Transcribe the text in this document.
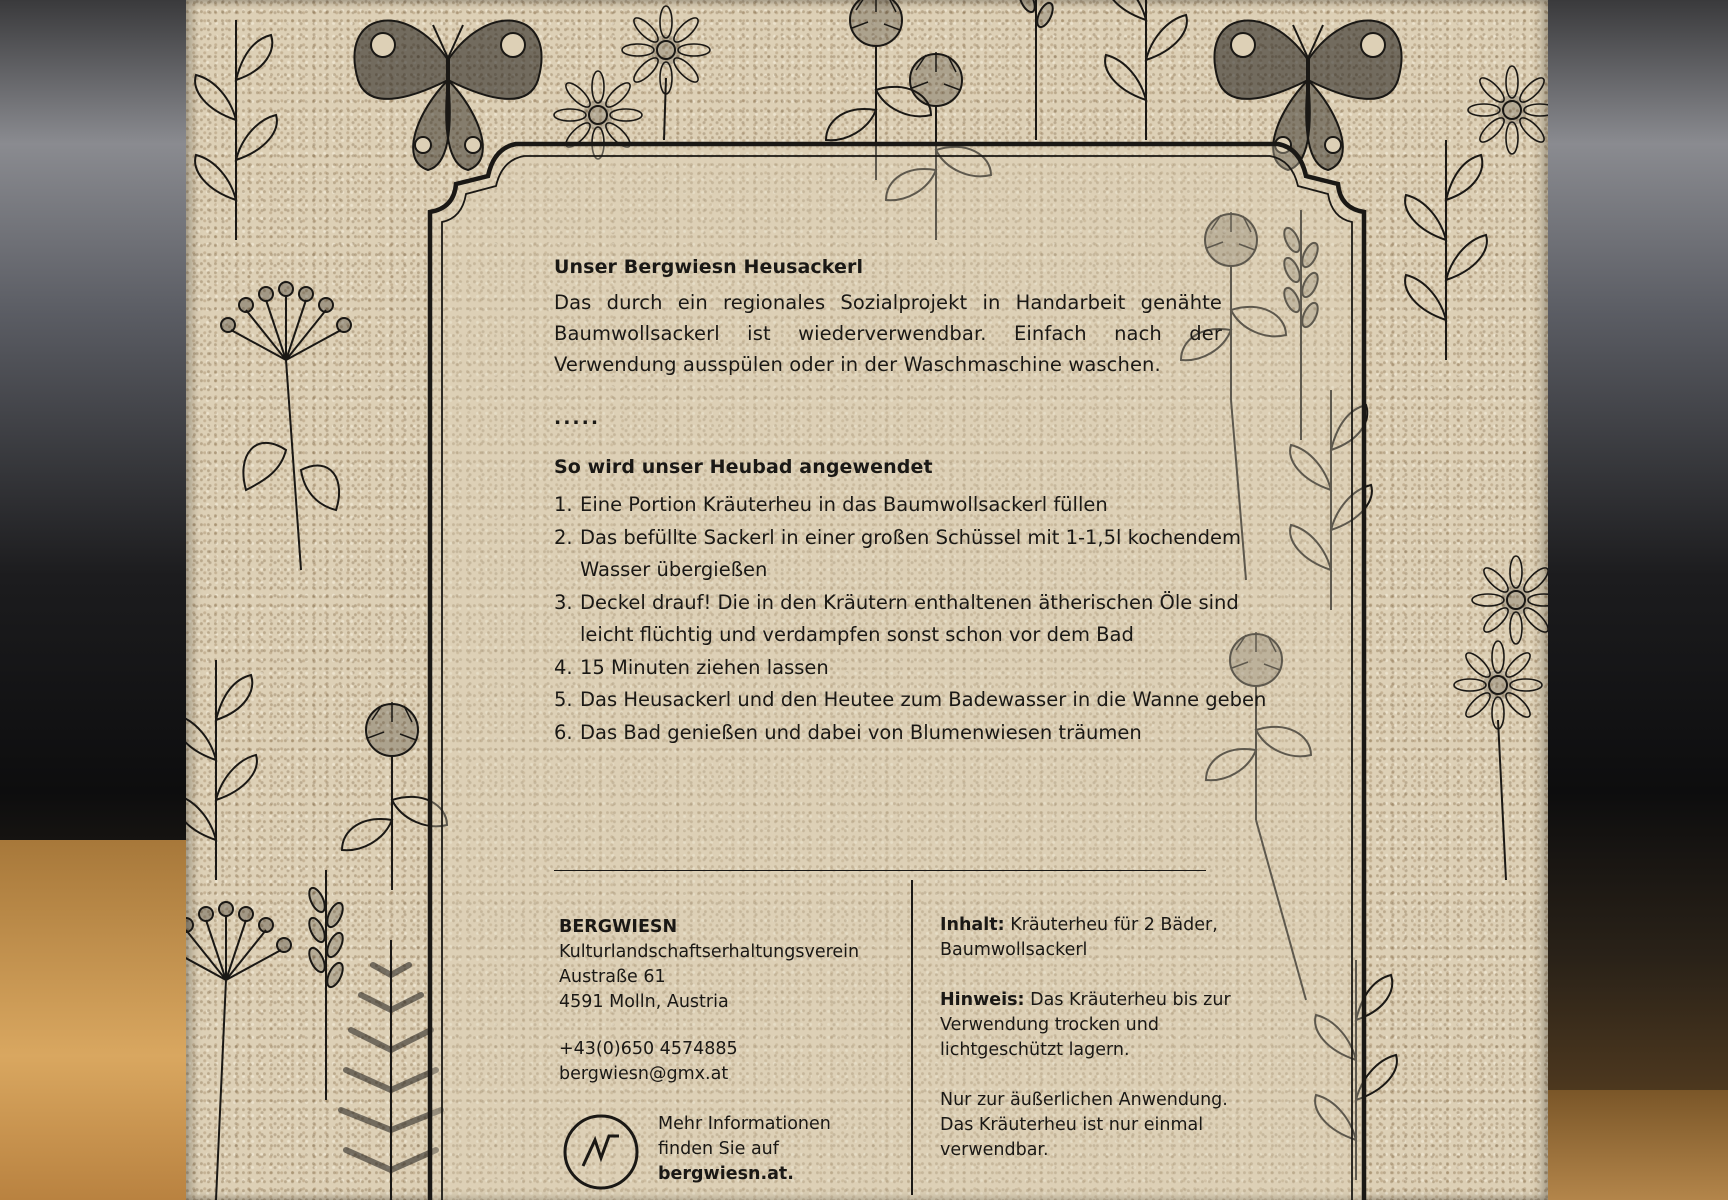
Unser Bergwiesn Heusackerl
Das durch ein regionales Sozialprojekt in Handarbeit genähte Baumwollsackerl ist wiederverwendbar. Einfach nach der Verwendung ausspülen oder in der Waschmaschine waschen.
.....
So wird unser Heubad angewendet
1. Eine Portion Kräuterheu in das Baumwollsackerl füllen
2. Das befüllte Sackerl in einer großen Schüssel mit 1-1,5l kochendem Wasser übergießen
3. Deckel drauf! Die in den Kräutern enthaltenen ätherischen Öle sind leicht flüchtig und verdampfen sonst schon vor dem Bad
4. 15 Minuten ziehen lassen
5. Das Heusackerl und den Heutee zum Badewasser in die Wanne geben
6. Das Bad genießen und dabei von Blumenwiesen träumen
BERGWIESN
Kulturlandschaftserhaltungsverein
Austraße 61
4591 Molln, Austria
+43(0)650 4574885
bergwiesn@gmx.at
Mehr Informationen
finden Sie auf
bergwiesn.at.

Inhalt: Kräuterheu für 2 Bäder, Baumwollsackerl

Hinweis: Das Kräuterheu bis zur Verwendung trocken und lichtgeschützt lagern.

Nur zur äußerlichen Anwendung. Das Kräuterheu ist nur einmal verwendbar.
